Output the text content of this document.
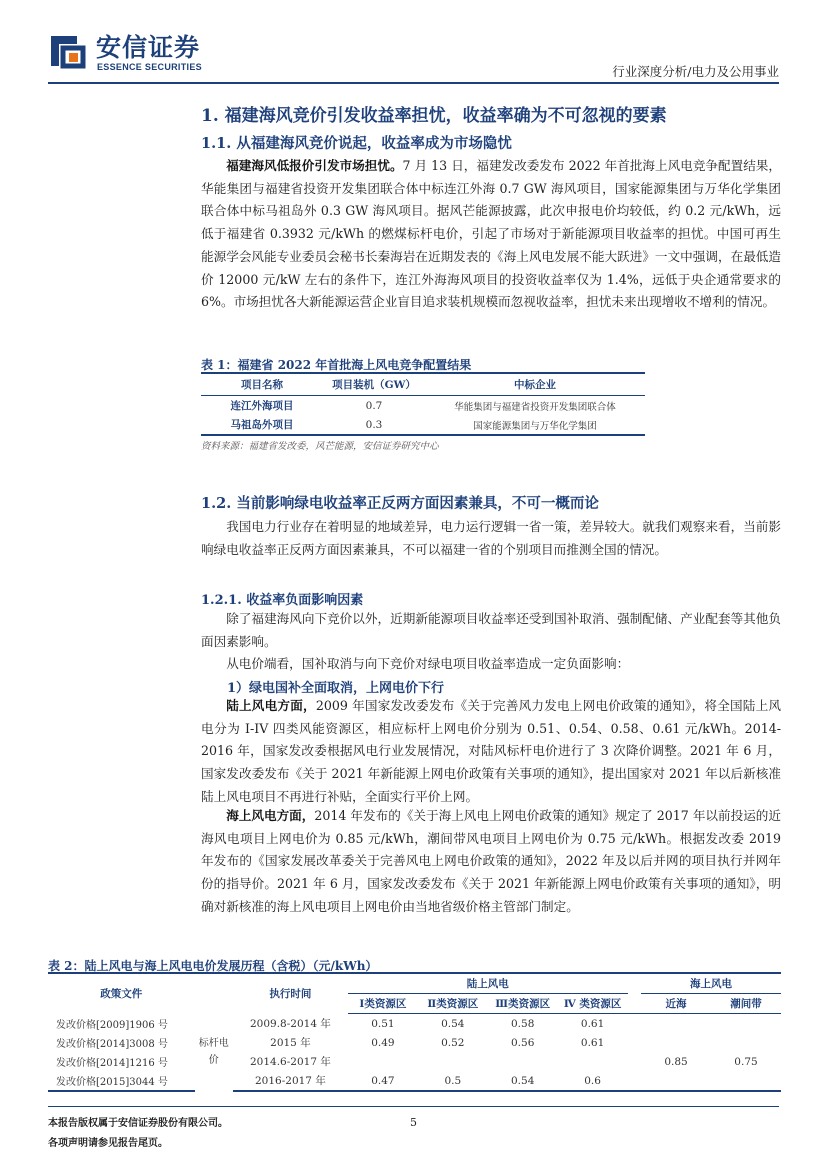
安信证券
ESSENCE SECURITIES	行业深度分析/电力及公用事业
1. 福建海风竞价引发收益率担忧，收益率确为不可忽视的要素
1.1. 从福建海风竞价说起，收益率成为市场隐忧

福建海风低报价引发市场担忧。7 月 13 日，福建发改委发布 2022 年首批海上风电竞争配置结果，华能集团与福建省投资开发集团联合体中标连江外海 0.7 GW 海风项目，国家能源集团与万华化学集团联合体中标马祖岛外 0.3 GW 海风项目。据风芒能源披露，此次申报电价均较低，约 0.2 元/kWh，远低于福建省 0.3932 元/kWh 的燃煤标杆电价，引起了市场对于新能源项目收益率的担忧。中国可再生能源学会风能专业委员会秘书长秦海岩在近期发表的《海上风电发展不能大跃进》一文中强调，在最低造价 12000 元/kW 左右的条件下，连江外海海风项目的投资收益率仅为 1.4%，远低于央企通常要求的 6%。市场担忧各大新能源运营企业盲目追求装机规模而忽视收益率，担忧未来出现增收不增利的情况。

表 1：福建省 2022 年首批海上风电竞争配置结果
项目名称	项目装机（GW）	中标企业
连江外海项目	0.7	华能集团与福建省投资开发集团联合体
马祖岛外项目	0.3	国家能源集团与万华化学集团
资料来源：福建省发改委，风芒能源，安信证券研究中心
1.2. 当前影响绿电收益率正反两方面因素兼具，不可一概而论

我国电力行业存在着明显的地域差异，电力运行逻辑一省一策，差异较大。就我们观察来看，当前影响绿电收益率正反两方面因素兼具，不可以福建一省的个别项目而推测全国的情况。

1.2.1. 收益率负面影响因素

除了福建海风向下竞价以外，近期新能源项目收益率还受到国补取消、强制配储、产业配套等其他负面因素影响。

从电价端看，国补取消与向下竞价对绿电项目收益率造成一定负面影响：

1）绿电国补全面取消，上网电价下行

陆上风电方面，2009 年国家发改委发布《关于完善风力发电上网电价政策的通知》，将全国陆上风电分为 I-IV 四类风能资源区，相应标杆上网电价分别为 0.51、0.54、0.58、0.61 元/kWh。2014-2016 年，国家发改委根据风电行业发展情况，对陆风标杆电价进行了 3 次降价调整。2021 年 6 月，国家发改委发布《关于 2021 年新能源上网电价政策有关事项的通知》，提出国家对 2021 年以后新核准陆上风电项目不再进行补贴，全面实行平价上网。

海上风电方面，2014 年发布的《关于海上风电上网电价政策的通知》规定了 2017 年以前投运的近海风电项目上网电价为 0.85 元/kWh，潮间带风电项目上网电价为 0.75 元/kWh。根据发改委 2019 年发布的《国家发展改革委关于完善风电上网电价政策的通知》，2022 年及以后并网的项目执行并网年份的指导价。2021 年 6 月，国家发改委发布《关于 2021 年新能源上网电价政策有关事项的通知》，明确对新核准的海上风电项目上网电价由当地省级价格主管部门制定。

表 2：陆上风电与海上风电电价发展历程（含税）（元/kWh）
政策文件		执行时间	陆上风电					海上风电	
			Ⅰ类资源区	Ⅱ类资源区	Ⅲ类资源区	Ⅳ 类资源区		近海	潮间带
发改价格[2009]1906 号	标杆电价	2009.8-2014 年	0.51	0.54	0.58	0.61			
发改价格[2014]3008 号		2015 年	0.49	0.52	0.56	0.61			
发改价格[2014]1216 号		2014.6-2017 年						0.85	0.75
发改价格[2015]3044 号		2016-2017 年	0.47	0.5	0.54	0.6			
本报告版权属于安信证券股份有限公司。
各项声明请参见报告尾页。
5
